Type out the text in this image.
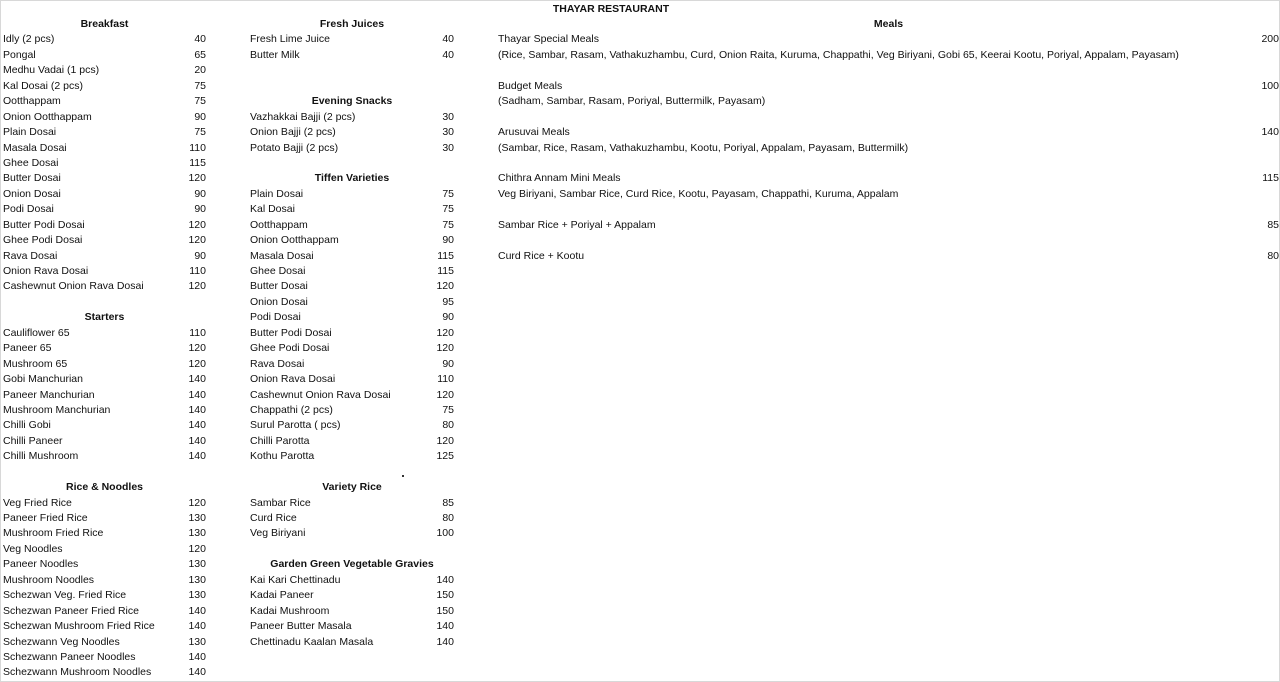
THAYAR RESTAURANT
Breakfast
Idly (2 pcs)	40
Pongal	65
Medhu Vadai (1 pcs)	20
Kal Dosai (2 pcs)	75
Ootthappam	75
Onion Ootthappam	90
Plain Dosai	75
Masala Dosai	110
Ghee Dosai	115
Butter Dosai	120
Onion Dosai	90
Podi Dosai	90
Butter Podi Dosai	120
Ghee Podi Dosai	120
Rava Dosai	90
Onion Rava Dosai	110
Cashewnut Onion Rava Dosai	120
Starters
Cauliflower 65	110
Paneer 65	120
Mushroom 65	120
Gobi Manchurian	140
Paneer Manchurian	140
Mushroom Manchurian	140
Chilli Gobi	140
Chilli Paneer	140
Chilli Mushroom	140
Rice & Noodles
Veg Fried Rice	120
Paneer Fried Rice	130
Mushroom Fried Rice	130
Veg Noodles	120
Paneer Noodles	130
Mushroom Noodles	130
Schezwan Veg. Fried Rice	130
Schezwan Paneer Fried Rice	140
Schezwan Mushroom Fried Rice	140
Schezwann Veg Noodles	130
Schezwann Paneer Noodles	140
Schezwann Mushroom Noodles	140
Fresh Juices
Fresh Lime Juice	40
Butter Milk	40
Evening Snacks
Vazhakkai Bajji (2 pcs)	30
Onion Bajji (2 pcs)	30
Potato Bajji (2 pcs)	30
Tiffen Varieties
Plain Dosai	75
Kal Dosai	75
Ootthappam	75
Onion Ootthappam	90
Masala Dosai	115
Ghee Dosai	115
Butter Dosai	120
Onion Dosai	95
Podi Dosai	90
Butter Podi Dosai	120
Ghee Podi Dosai	120
Rava Dosai	90
Onion Rava Dosai	110
Cashewnut Onion Rava Dosai	120
Chappathi (2 pcs)	75
Surul Parotta ( pcs)	80
Chilli Parotta	120
Kothu Parotta	125
Variety Rice
Sambar Rice	85
Curd Rice	80
Veg Biriyani	100
Garden Green Vegetable Gravies
Kai Kari Chettinadu	140
Kadai Paneer	150
Kadai Mushroom	150
Paneer Butter Masala	140
Chettinadu Kaalan Masala	140
Meals
Thayar Special Meals	200
(Rice, Sambar, Rasam, Vathakuzhambu, Curd, Onion Raita, Kuruma, Chappathi, Veg Biriyani, Gobi 65, Keerai Kootu, Poriyal, Appalam, Payasam)
Budget Meals	100
(Sadham, Sambar, Rasam, Poriyal, Buttermilk, Payasam)
Arusuvai Meals	140
(Sambar, Rice, Rasam, Vathakuzhambu, Kootu, Poriyal, Appalam, Payasam, Buttermilk)
Chithra Annam Mini Meals	115
Veg Biriyani, Sambar Rice, Curd Rice, Kootu, Payasam, Chappathi, Kuruma, Appalam
Sambar Rice + Poriyal + Appalam	85
Curd Rice + Kootu	80
